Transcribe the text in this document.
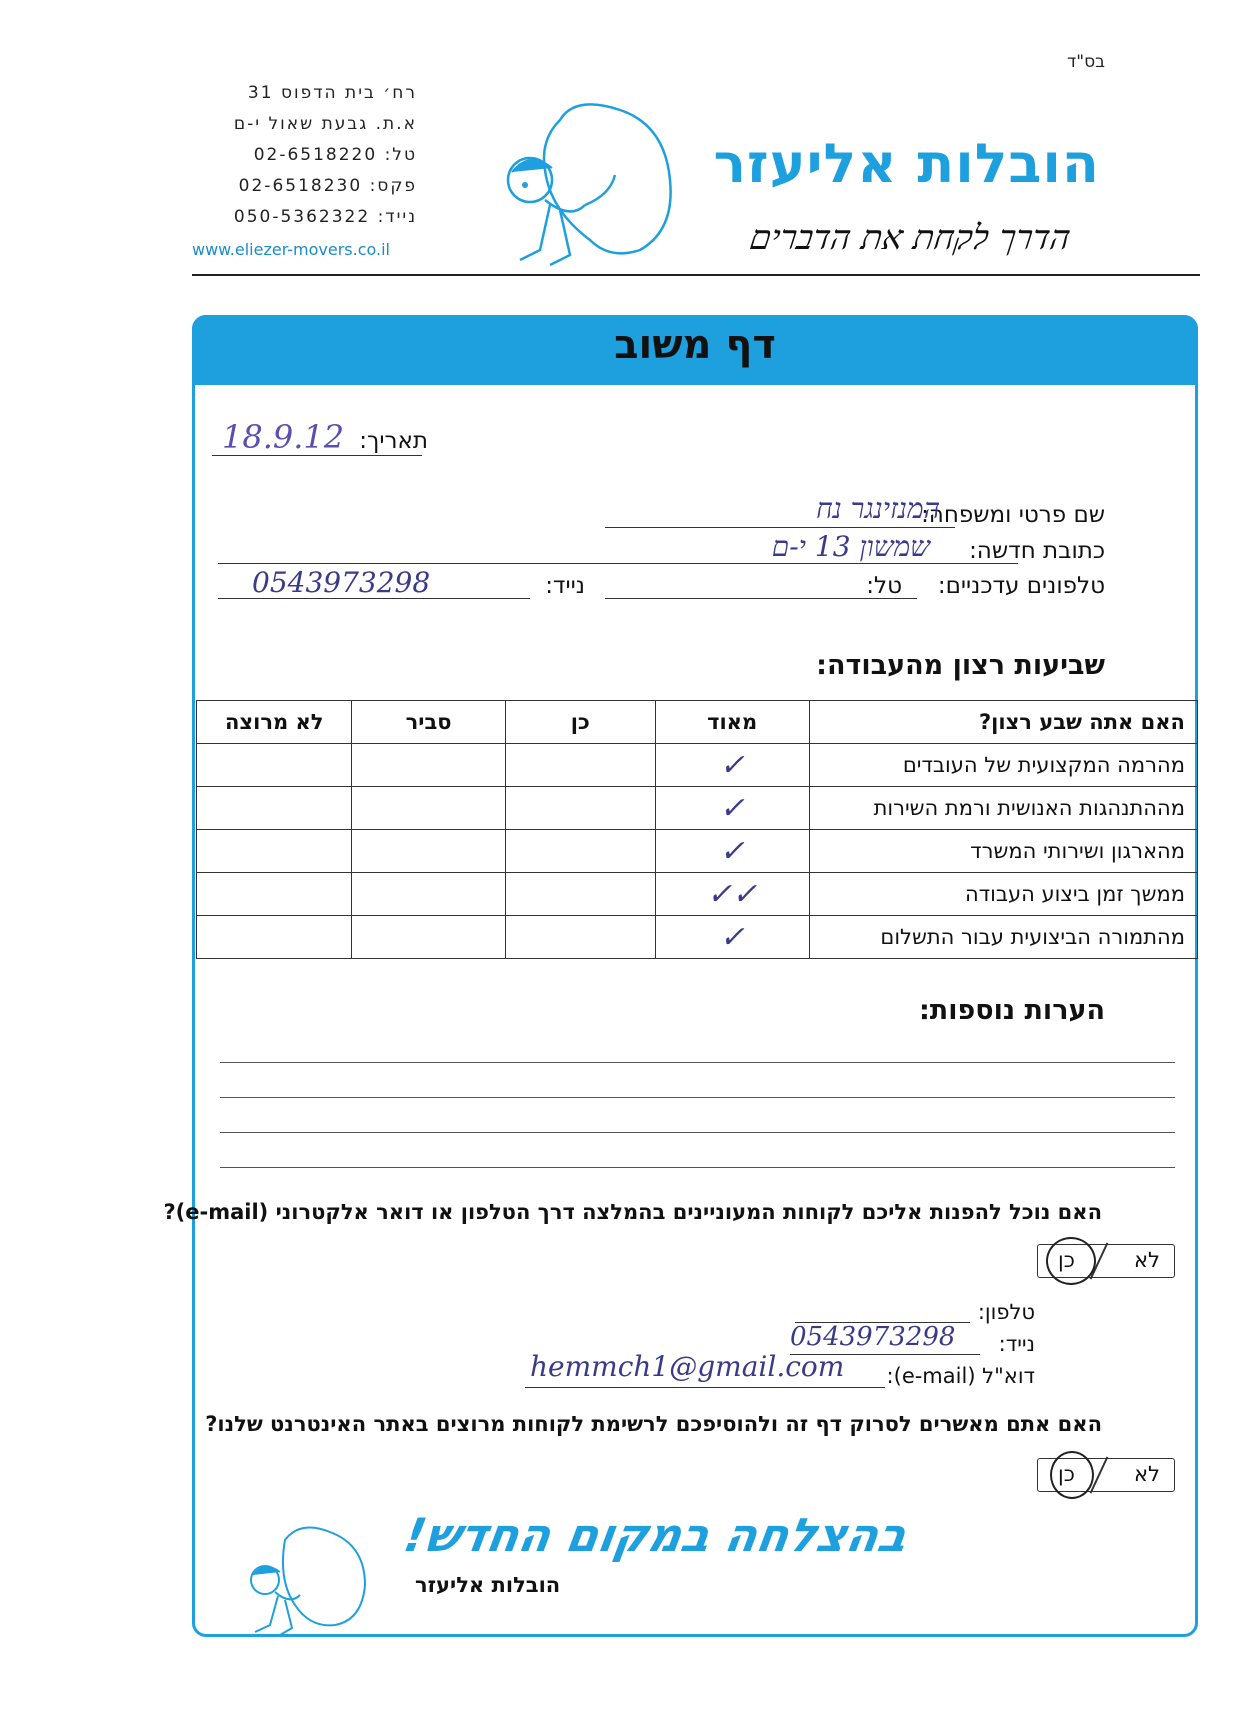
בס"ד
רח׳ בית הדפוס 31
א.ת. גבעת שאול י-ם
טל: 02-6518220
פקס: 02-6518230
נייד: 050-5362322
www.eliezer-movers.co.il
הובלות אליעזר
הדרך לקחת את הדברים
דף משוב
תאריך:
18.9.12
שם פרטי ומשפחה:
המנזינגר נח
כתובת חדשה:
שמשון 13 י-ם
טלפונים עדכניים:
טל:
נייד:
0543973298
שביעות רצון מהעבודה:
האם אתה שבע רצון?	מאוד	כן	סביר	לא מרוצה
מהרמה המקצועית של העובדים	✓			
מההתנהגות האנושית ורמת השירות	✓			
מהארגון ושירותי המשרד	✓			
ממשך זמן ביצוע העבודה	✓✓			
מהתמורה הביצועית עבור התשלום	✓			
הערות נוספות:
האם נוכל להפנות אליכם לקוחות המעוניינים בהמלצה דרך הטלפון או דואר אלקטרוני (e-mail)?
לא
כן
טלפון:
נייד:
0543973298
דוא"ל (e-mail):
hemmch1@gmail.com
האם אתם מאשרים לסרוק דף זה ולהוסיפכם לרשימת לקוחות מרוצים באתר האינטרנט שלנו?
לא
כן
בהצלחה במקום החדש!
הובלות אליעזר
